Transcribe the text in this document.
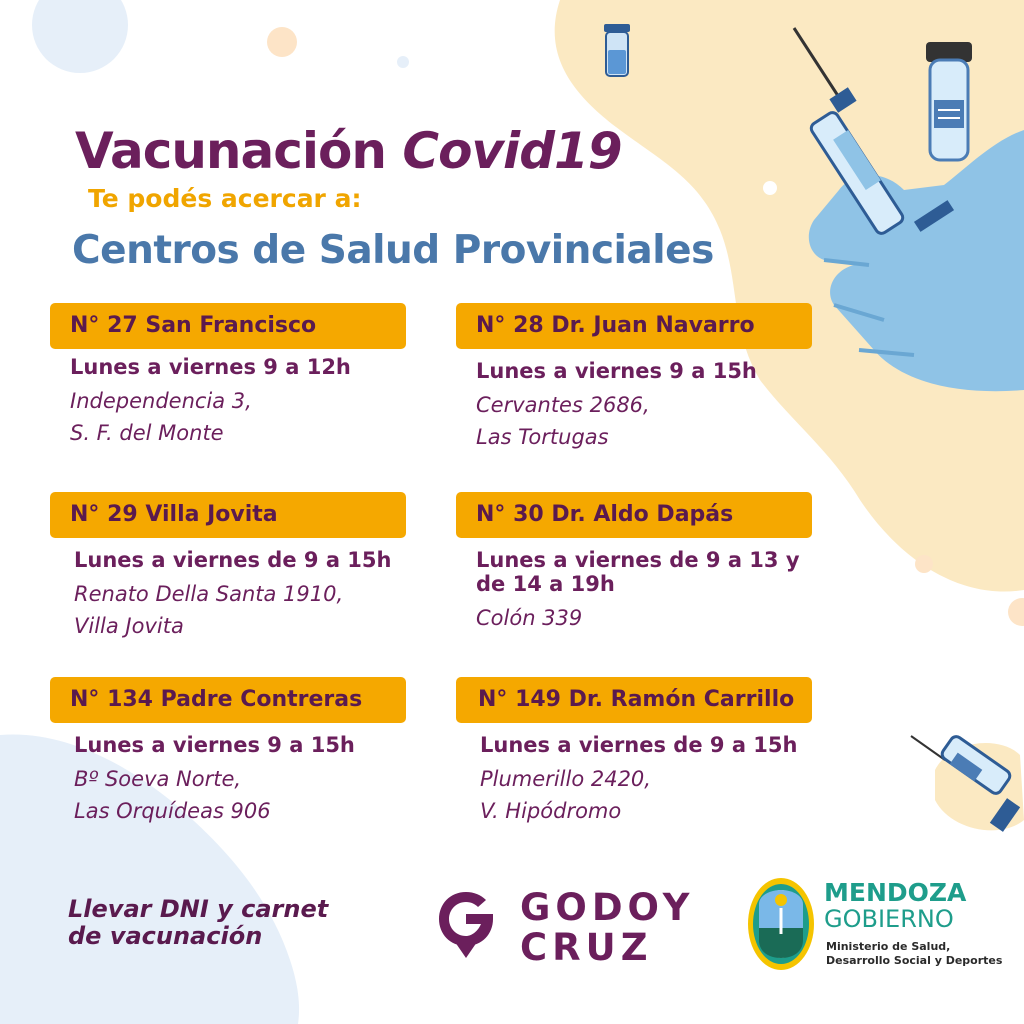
Vacunación Covid19
Te podés acercar a:
Centros de Salud Provinciales
N° 27 San Francisco
Lunes a viernes 9 a 12h
Independencia 3,
S. F. del Monte
N° 28 Dr. Juan Navarro
Lunes a viernes 9 a 15h
Cervantes 2686,
Las Tortugas
N° 29 Villa Jovita
Lunes a viernes de 9 a 15h
Renato Della Santa 1910,
Villa Jovita
N° 30 Dr. Aldo Dapás
Lunes a viernes de 9 a 13 y de 14 a 19h
Colón 339
N° 134 Padre Contreras
Lunes a viernes 9 a 15h
Bº Soeva Norte,
Las Orquídeas 906
N° 149 Dr. Ramón Carrillo
Lunes a viernes de 9 a 15h
Plumerillo 2420,
V. Hipódromo
Llevar DNI y carnet
de vacunación
GODOY
CRUZ
MENDOZA
GOBIERNO
Ministerio de Salud,
Desarrollo Social y Deportes
